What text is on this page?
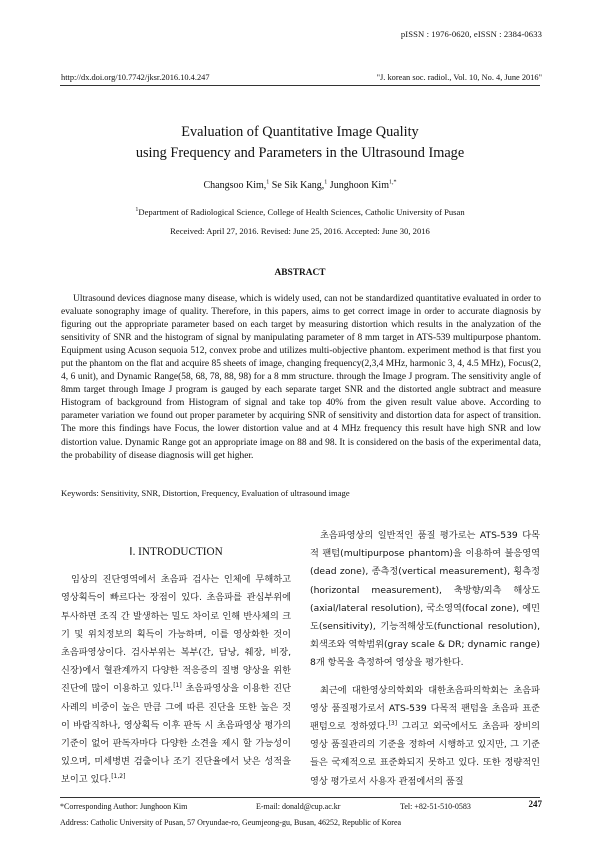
pISSN : 1976-0620, eISSN : 2384-0633
http://dx.doi.org/10.7742/jksr.2016.10.4.247	"J. korean soc. radiol., Vol. 10, No. 4, June 2016"
Evaluation of Quantitative Image Quality
using Frequency and Parameters in the Ultrasound Image
Changsoo Kim,$^1$ Se Sik Kang,$^1$ Junghoon Kim$^{1,*}$
$^1$Department of Radiological Science, College of Health Sciences, Catholic University of Pusan
Received: April 27, 2016. Revised: June 25, 2016. Accepted: June 30, 2016
ABSTRACT

Ultrasound devices diagnose many disease, which is widely used, can not be standardized quantitative evaluated in order to evaluate sonography image of quality. Therefore, in this papers, aims to get correct image in order to accurate diagnosis by figuring out the appropriate parameter based on each target by measuring distortion which results in the analyzation of the sensitivity of SNR and the histogram of signal by manipulating parameter of 8 mm target in ATS-539 multipurpose phantom. Equipment using Acuson sequoia 512, convex probe and utilizes multi-objective phantom. experiment method is that first you put the phantom on the flat and acquire 85 sheets of image, changing frequency(2,3,4 MHz, harmonic 3, 4, 4.5 MHz), Focus(2, 4, 6 unit), and Dynamic Range(58, 68, 78, 88, 98) for a 8 mm structure. through the Image J program. The sensitivity angle of 8mm target through Image J program is gauged by each separate target SNR and the distorted angle subtract and measure Histogram of background from Histogram of signal and take top 40% from the given result value above. According to parameter variation we found out proper parameter by acquiring SNR of sensitivity and distortion data for aspect of transition. The more this findings have Focus, the lower distortion value and at 4 MHz frequency this result have high SNR and low distortion value. Dynamic Range got an appropriate image on 88 and 98. It is considered on the basis of the experimental data, the probability of disease diagnosis will get higher.

Keywords: Sensitivity, SNR, Distortion, Frequency, Evaluation of ultrasound image
Ⅰ. INTRODUCTION

임상의 진단영역에서 초음파 검사는 인체에 무해하고 영상획득이 빠르다는 장점이 있다. 초음파를 관심부위에 투사하면 조직 간 발생하는 밀도 차이로 인해 반사체의 크기 및 위치정보의 획득이 가능하며, 이를 영상화한 것이 초음파영상이다. 검사부위는 복부(간, 담낭, 췌장, 비장, 신장)에서 혈관계까지 다양한 적응증의 질병 양상을 위한 진단에 많이 이용하고 있다.[1] 초음파영상을 이용한 진단사례의 비중이 높은 만큼 그에 따른 진단을 또한 높은 것이 바람직하나, 영상획득 이후 판독 시 초음파영상 평가의 기준이 없어 판독자마다 다양한 소견을 제시 할 가능성이 있으며, 미세병변 검출이나 조기 진단율에서 낮은 성적을 보이고 있다.[1,2]

초음파영상의 일반적인 품질 평가로는 ATS-539 다목적 팬텀(multipurpose phantom)을 이용하여 불응영역(dead zone), 종측정(vertical measurement), 횡측정(horizontal measurement), 축방향/외측 해상도(axial/lateral resolution), 국소영역(focal zone), 예민도(sensitivity), 기능적해상도(functional resolution), 회색조와 역학범위(gray scale & DR; dynamic range) 8개 항목을 측정하여 영상을 평가한다.

최근에 대한영상의학회와 대한초음파의학회는 초음파영상 품질평가로서 ATS-539 다목적 팬텀을 초음파 표준팬텀으로 정하였다.[3] 그리고 외국에서도 초음파 장비의 영상 품질관리의 기준을 정하여 시행하고 있지만, 그 기준들은 국제적으로 표준화되지 못하고 있다. 또한 정량적인 영상 평가로서 사용자 관점에서의 품질

*Corresponding Author: Junghoon Kim	E-mail: donald@cup.ac.kr	Tel: +82-51-510-0583	247
Address: Catholic University of Pusan, 57 Oryundae-ro, Geumjeong-gu, Busan, 46252, Republic of Korea
